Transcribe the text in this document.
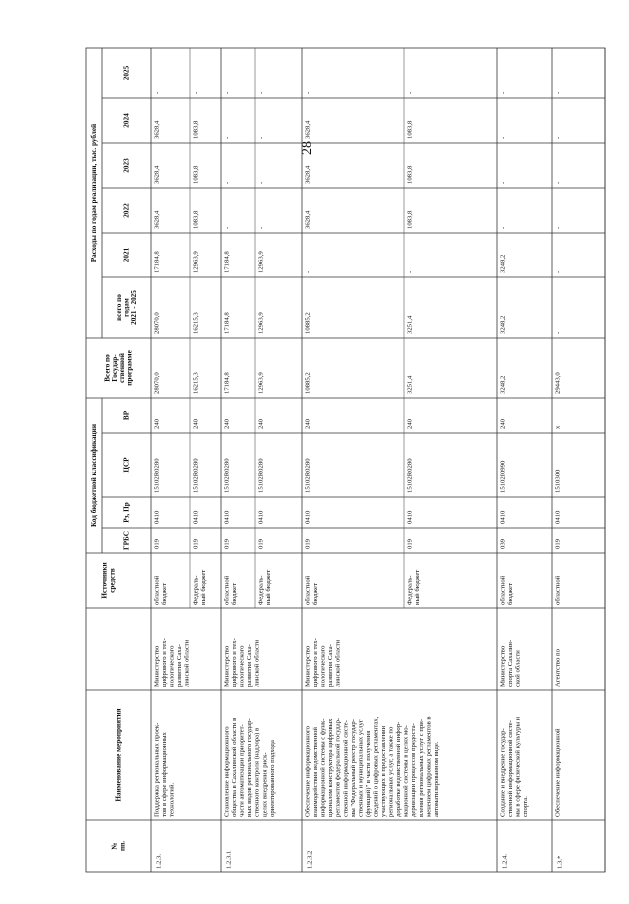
28
№ пп.
Наименование мероприятия
Источники средств
Код бюджетной классификации
ГРБС
Рз, Пр
ЦСР
ВР
Всего по Государ- ственной программе
Расходы по годам реализации, тыс. рублей
всего по годам 2021 - 2025
2021
2022
2023
2024
2025
1.2.3.
Поддержка региональных проек- тов в сфере информационных технологий.
Министерство цифрового и тех- нологического развития Саха- линской области
областной бюджет
019
0410
15102R0280
240
28070,0
28070,0
17184,8
3628,4
3628,4
3628,4
-
Федераль- ный бюджет
019
0410
15102R0280
240
16215,3
16215,3
12963,9
1083,8
1083,8
1083,8
-
1.2.3.1
Становление информационного общества в Сахалинской области в части автоматизации приоритет- ных видов регионального государ- ственного контроля (надзора) в целях внедрения риск- ориентированного подхода
Министерство цифрового и тех- нологического развития Саха- линской области
областной бюджет
019
0410
15102R0280
240
17184,8
17184,8
17184,8
-
-
-
-
Федераль- ный бюджет
019
0410
15102R0280
240
12963,9
12963,9
12963,9
-
-
-
-
1.2.3.2
Обеспечение информационного взаимодействия ведомственной информационной системы с функ- ционалом конструктора цифровых регламентов федеральной государ- ственной информационной систе- мы "Федеральный реестр государ- ственных и муниципальных услуг (функций)" в части получения сведений о цифровых регламентах, участвующих в предоставлении региональных услуг, а также по доработке ведомственной инфор- мационной системы в целях мо- дернизации процессов предоста- вления региональных услуг с при- менением цифровых регламентов в автоматизированном виде.
Министерство цифрового и тех- нологического развития Саха- линской области
областной бюджет
019
0410
15102R0280
240
10885,2
10885,2
-
3628,4
3628,4
3628,4
-
Федераль- ный бюджет
019
0410
15102R0280
240
3251,4
3251,4
-
1083,8
1083,8
1083,8
-
1.2.4.
Создание и внедрение государ- ственной информационной систе- мы в сфере физической культуры и спорта.
Министерство спорта Сахалин- ской области
областной бюджет
039
0410
15102I0990
240
3248,2
3248,2
3248,2
-
-
-
-
1.3.*
Обеспечение информационной
Агентство по
областной
019
0410
1510300
x
29443,0
-
-
-
-
-
-
